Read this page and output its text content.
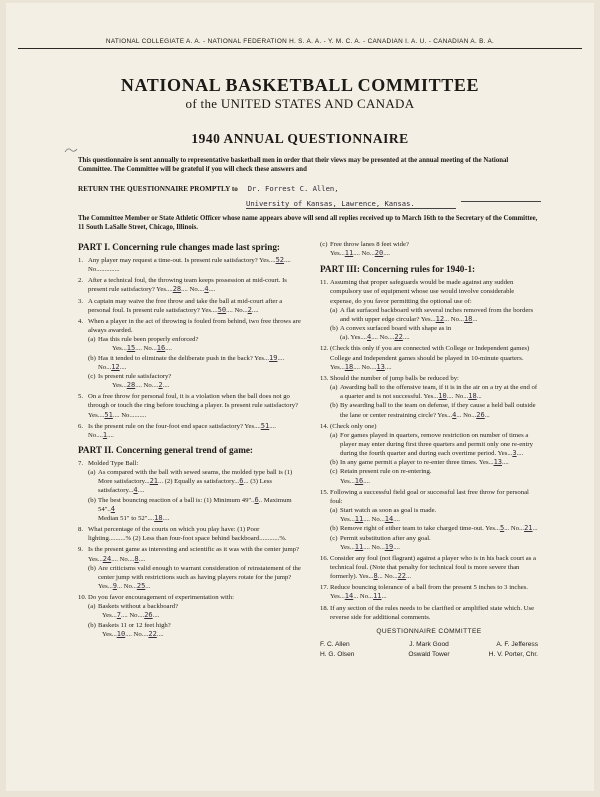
NATIONAL COLLEGIATE A. A. - NATIONAL FEDERATION H. S. A. A. - Y. M. C. A. - CANADIAN I. A. U. - CANADIAN A. B. A.
NATIONAL BASKETBALL COMMITTEE
of the UNITED STATES AND CANADA
1940 ANNUAL QUESTIONNAIRE
This questionnaire is sent annually to representative basketball men in order that their views may be presented at the annual meeting of the National Committee. The Committee will be grateful if you will check these answers and
RETURN THE QUESTIONNAIRE PROMPTLY to Dr. Forrest C. Allen,
University of Kansas, Lawrence, Kansas.
The Committee Member or State Athletic Officer whose name appears above will send all replies received up to March 16th to the Secretary of the Committee, 11 South LaSalle Street, Chicago, Illinois.
PART I. Concerning rule changes made last spring:
1. Any player may request a time-out. Is present rule satisfactory? Yes....52.... No..............
2. After a technical foul, the throwing team keeps possession at mid-court. Is present rule satisfactory? Yes....28.... No....4....
3. A captain may waive the free throw and take the ball at mid-court after a personal foul. Is present rule satisfactory? Yes....50.... No...2....
4. When a player in the act of throwing is fouled from behind, two free throws are always awarded.
(a) Has this rule been properly enforced?
Yes...15.... No...16....
(b) Has it tended to eliminate the deliberate push in the back? Yes...19.... No...12....
(c) Is present rule satisfactory?
Yes...28.... No....2....
5. On a free throw for personal foul, it is a violation when the ball does not go through or touch the ring before touching a player. Is present rule satisfactory? Yes....51.... No..........
6. Is the present rule on the four-foot end space satisfactory? Yes....51.... No....1....
PART II. Concerning general trend of game:
7. Molded Type Ball:
(a) As compared with the ball with sewed seams, the molded type ball is (1) More satisfactory...21... (2) Equally as satisfactory...6... (3) Less satisfactory...4....
(b) The best bouncing reaction of a ball is: (1) Minimum 49"..6.. Maximum 54"..4
Median 51" to 52"....18....
8. What percentage of the courts on which you play have: (1) Poor lighting..........% (2) Less than four-foot space behind backboard............%.
9. Is the present game as interesting and scientific as it was with the center jump?
Yes...24.... No....8....
(b) Are criticisms valid enough to warrant consideration of reinstatement of the center jump with restrictions such as having players rotate for the jump? Yes...9... No...25...
10. Do you favor encouragement of experimentation with:
(a) Baskets without a backboard?
Yes...7.... No....26....
(b) Baskets 11 or 12 feet high?
Yes...10.... No....22....
(c) Free throw lanes 8 feet wide?
Yes...11.... No...20....
PART III: Concerning rules for 1940-1:
11. Assuming that proper safeguards would be made against any sudden compulsory use of equipment whose use would involve considerable expense, do you favor permitting the optional use of:
(a) A flat surfaced backboard with several inches removed from the borders and with upper edge circular? Yes...12... No...18...
(b) A convex surfaced board with shape as in
(a). Yes....4.... No....22....
12. (Check this only if you are connected with College or Independent games) College and Independent games should be played in 10-minute quarters. Yes...18.... No....13....
13. Should the number of jump balls be reduced by:
(a) Awarding ball to the offensive team, if it is in the air on a try at the end of a quarter and is not successful. Yes...10.... No...18...
(b) By awarding ball to the team on defense, if they cause a held ball outside the lane or center restraining circle? Yes...4... No...26...
14. (Check only one)
(a) For games played in quarters, remove restriction on number of times a player may enter during first three quarters and permit only one re-entry during the fourth quarter and during each overtime period. Yes...3....
(b) In any game permit a player to re-enter three times. Yes...13....
(c) Retain present rule on re-entering.
Yes...16....
15. Following a successful field goal or successful last free throw for personal foul:
(a) Start watch as soon as goal is made.
Yes...11.... No...14....
(b) Remove right of either team to take charged time-out. Yes...5... No...21...
(c) Permit substitution after any goal.
Yes...11.... No...19....
16. Consider any foul (not flagrant) against a player who is in his back court as a technical foul. (Note that penalty for technical foul is more severe than formerly). Yes...8... No...22...
17. Reduce bouncing tolerance of a ball from the present 5 inches to 3 inches. Yes...14... No...11...
18. If any section of the rules needs to be clarified or amplified state which. Use reverse side for additional comments.
QUESTIONNAIRE COMMITTEE
F. C. Allen	J. Mark Good	A. F. Jefferess
H. G. Olsen	Oswald Tower	H. V. Porter, Chr.
